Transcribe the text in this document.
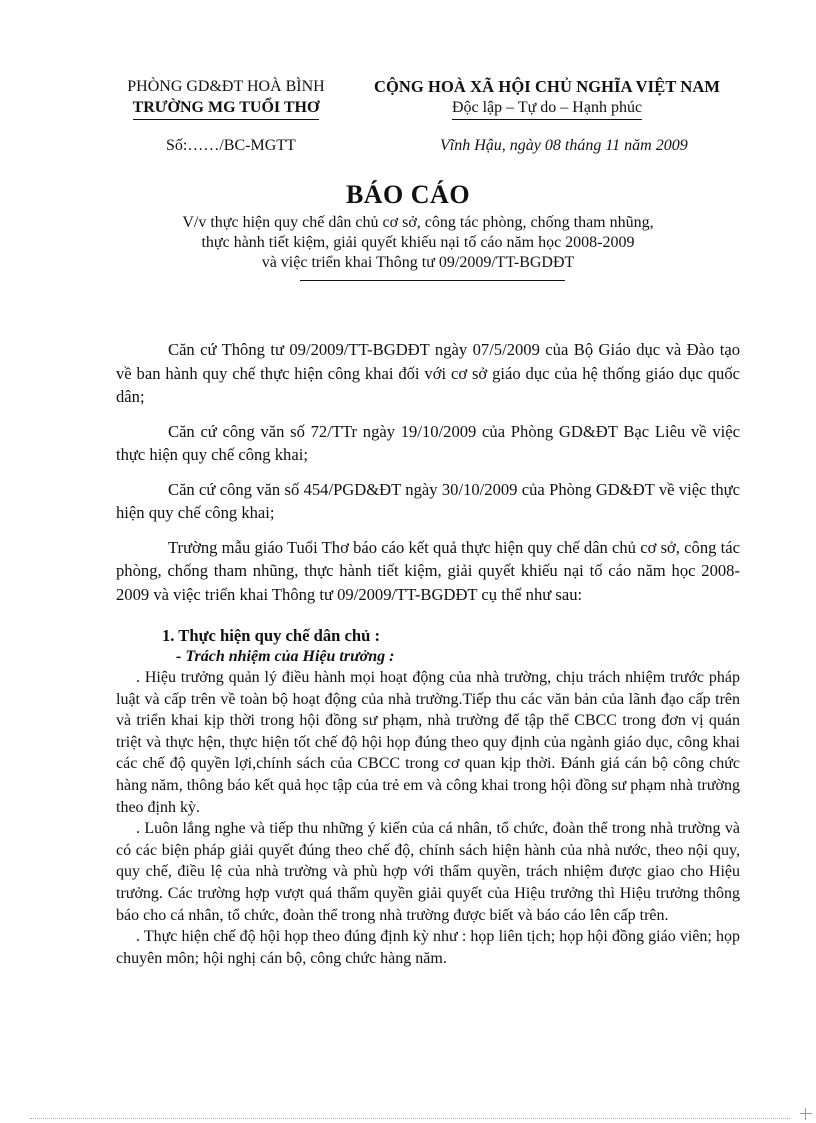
PHÒNG GD&ĐT HOÀ BÌNH
TRƯỜNG MG TUỔI THƠ
CỘNG HOÀ XÃ HỘI CHỦ NGHĨA VIỆT NAM
Độc lập – Tự do – Hạnh phúc
Số:……/BC-MGTT	Vĩnh Hậu, ngày 08 tháng 11 năm 2009
BÁO CÁO
V/v thực hiện quy chế dân chủ cơ sở, công tác phòng, chống tham nhũng,
thực hành tiết kiệm, giải quyết khiếu nại tố cáo năm học 2008-2009
và việc triển khai Thông tư 09/2009/TT-BGDĐT

Căn cứ Thông tư 09/2009/TT-BGDĐT ngày 07/5/2009 của Bộ Giáo dục và Đào tạo về ban hành quy chế thực hiện công khai đối với cơ sở giáo dục của hệ thống giáo dục quốc dân;

Căn cứ công văn số 72/TTr ngày 19/10/2009 của Phòng GD&ĐT Bạc Liêu về việc thực hiện quy chế công khai;

Căn cứ công văn số 454/PGD&ĐT ngày 30/10/2009 của Phòng GD&ĐT về việc thực hiện quy chế công khai;

Trường mẫu giáo Tuổi Thơ báo cáo kết quả thực hiện quy chế dân chủ cơ sở, công tác phòng, chống tham nhũng, thực hành tiết kiệm, giải quyết khiếu nại tố cáo năm học 2008-2009 và việc triển khai Thông tư 09/2009/TT-BGDĐT cụ thể như sau:

1. Thực hiện quy chế dân chủ :
- Trách nhiệm của Hiệu trưởng :

. Hiệu trưởng quản lý điều hành mọi hoạt động của nhà trường, chịu trách nhiệm trước pháp luật và cấp trên về toàn bộ hoạt động của nhà trường.Tiếp thu các văn bản của lãnh đạo cấp trên và triển khai kịp thời trong hội đồng sư phạm, nhà trường để tập thể CBCC trong đơn vị quán triệt và thực hện, thực hiện tốt chế độ hội họp đúng theo quy định của ngành giáo dục, công khai các chế độ quyền lợi,chính sách của CBCC trong cơ quan kịp thời. Đánh giá cán bộ công chức hàng năm, thông báo kết quả học tập của trẻ em và công khai trong hội đồng sư phạm nhà trường theo định kỳ.

. Luôn lắng nghe và tiếp thu những ý kiến của cá nhân, tổ chức, đoàn thể trong nhà trường và có các biện pháp giải quyết đúng theo chế độ, chính sách hiện hành của nhà nước, theo nội quy, quy chế, điều lệ của nhà trường và phù hợp với thẩm quyền, trách nhiệm được giao cho Hiệu trưởng. Các trường hợp vượt quá thẩm quyền giải quyết của Hiệu trưởng thì Hiệu trưởng thông báo cho cá nhân, tổ chức, đoàn thể trong nhà trường được biết và báo cáo lên cấp trên.

. Thực hiện chế độ hội họp theo đúng định kỳ như : họp liên tịch; họp hội đồng giáo viên; họp chuyên môn; hội nghị cán bộ, công chức hàng năm.
